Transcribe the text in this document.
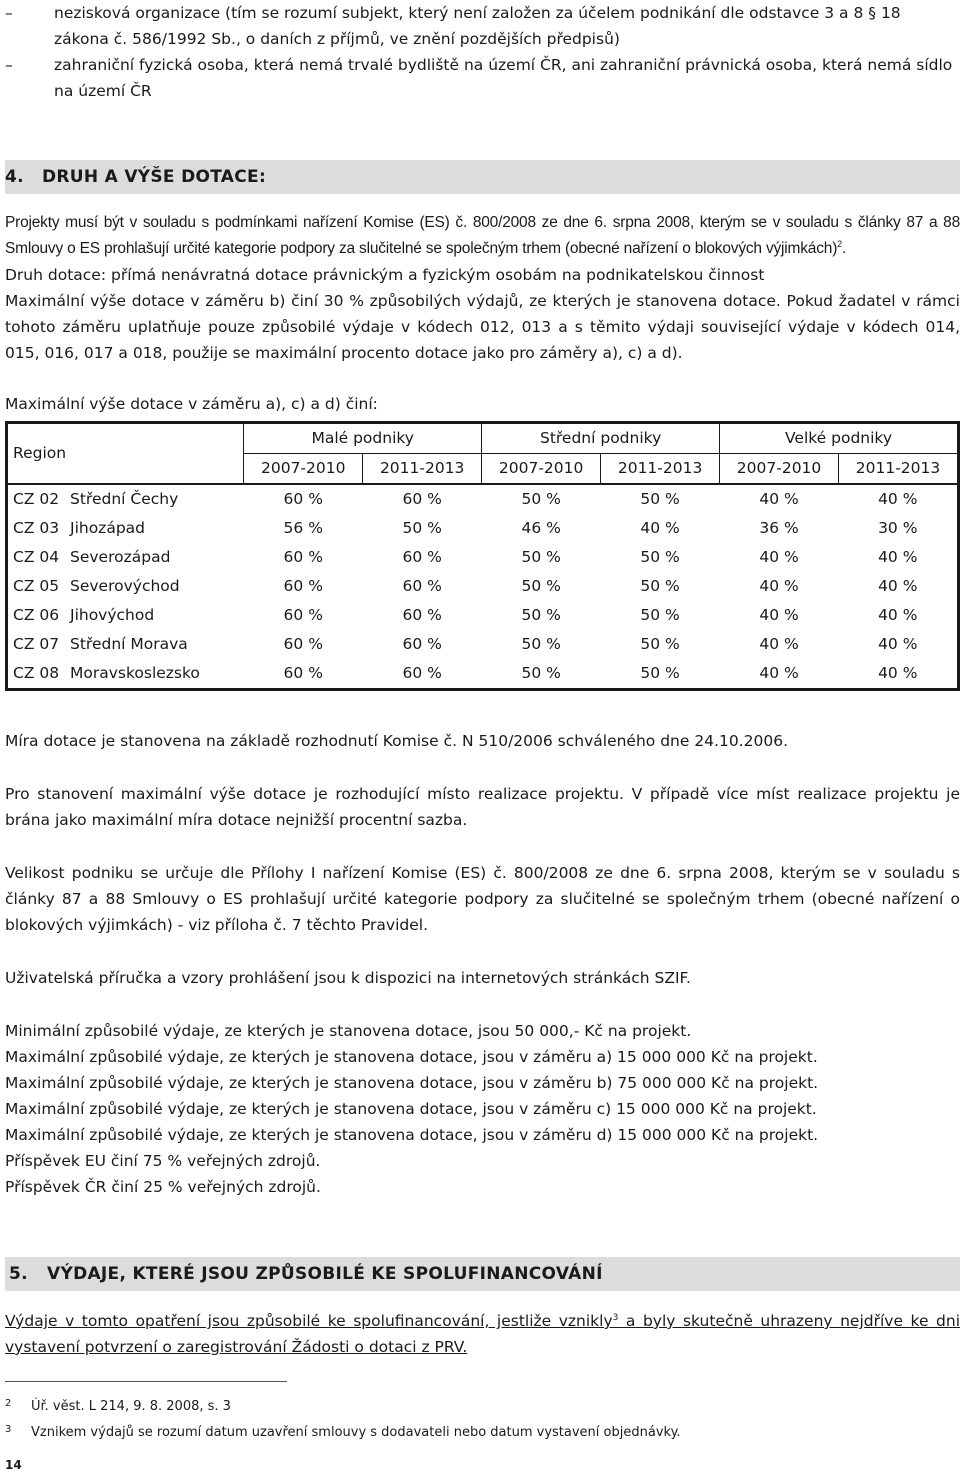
– nezisková organizace (tím se rozumí subjekt, který není založen za účelem podnikání dle odstavce 3 a 8 § 18 zákona č. 586/1992 Sb., o daních z příjmů, ve znění pozdějších předpisů)
– zahraniční fyzická osoba, která nemá trvalé bydliště na území ČR, ani zahraniční právnická osoba, která nemá sídlo na území ČR
4. DRUH A VÝŠE DOTACE:

Projekty musí být v souladu s podmínkami nařízení Komise (ES) č. 800/2008 ze dne 6. srpna 2008, kterým se v souladu s články 87 a 88 Smlouvy o ES prohlašují určité kategorie podpory za slučitelné se společným trhem (obecné nařízení o blokových výjimkách)$^2$.

Druh dotace: přímá nenávratná dotace právnickým a fyzickým osobám na podnikatelskou činnost

Maximální výše dotace v záměru b) činí 30 % způsobilých výdajů, ze kterých je stanovena dotace. Pokud žadatel v rámci tohoto záměru uplatňuje pouze způsobilé výdaje v kódech 012, 013 a s těmito výdaji související výdaje v kódech 014, 015, 016, 017 a 018, použije se maximální procento dotace jako pro záměry a), c) a d).

Maximální výše dotace v záměru a), c) a d) činí:

Region		Malé podniky		Střední podniky		Velké podniky	
		2007-2010	2011-2013	2007-2010	2011-2013	2007-2010	2011-2013
CZ 02	Střední Čechy	60 %	60 %	50 %	50 %	40 %	40 %
CZ 03	Jihozápad	56 %	50 %	46 %	40 %	36 %	30 %
CZ 04	Severozápad	60 %	60 %	50 %	50 %	40 %	40 %
CZ 05	Severovýchod	60 %	60 %	50 %	50 %	40 %	40 %
CZ 06	Jihovýchod	60 %	60 %	50 %	50 %	40 %	40 %
CZ 07	Střední Morava	60 %	60 %	50 %	50 %	40 %	40 %
CZ 08	Moravskoslezsko	60 %	60 %	50 %	50 %	40 %	40 %

Míra dotace je stanovena na základě rozhodnutí Komise č. N 510/2006 schváleného dne 24.10.2006.

Pro stanovení maximální výše dotace je rozhodující místo realizace projektu. V případě více míst realizace projektu je brána jako maximální míra dotace nejnižší procentní sazba.

Velikost podniku se určuje dle Přílohy I nařízení Komise (ES) č. 800/2008 ze dne 6. srpna 2008, kterým se v souladu s články 87 a 88 Smlouvy o ES prohlašují určité kategorie podpory za slučitelné se společným trhem (obecné nařízení o blokových výjimkách) - viz příloha č. 7 těchto Pravidel.

Uživatelská příručka a vzory prohlášení jsou k dispozici na internetových stránkách SZIF.

Minimální způsobilé výdaje, ze kterých je stanovena dotace, jsou 50 000,- Kč na projekt.

Maximální způsobilé výdaje, ze kterých je stanovena dotace, jsou v záměru a) 15 000 000 Kč na projekt.

Maximální způsobilé výdaje, ze kterých je stanovena dotace, jsou v záměru b) 75 000 000 Kč na projekt.

Maximální způsobilé výdaje, ze kterých je stanovena dotace, jsou v záměru c) 15 000 000 Kč na projekt.

Maximální způsobilé výdaje, ze kterých je stanovena dotace, jsou v záměru d) 15 000 000 Kč na projekt.

Příspěvek EU činí 75 % veřejných zdrojů.

Příspěvek ČR činí 25 % veřejných zdrojů.

5. VÝDAJE, KTERÉ JSOU ZPŮSOBILÉ KE SPOLUFINANCOVÁNÍ

Výdaje v tomto opatření jsou způsobilé ke spolufinancování, jestliže vznikly$^3$ a byly skutečně uhrazeny nejdříve ke dni vystavení potvrzení o zaregistrování Žádosti o dotaci z PRV.

2 Úř. věst. L 214, 9. 8. 2008, s. 3
3 Vznikem výdajů se rozumí datum uzavření smlouvy s dodavateli nebo datum vystavení objednávky.
14
